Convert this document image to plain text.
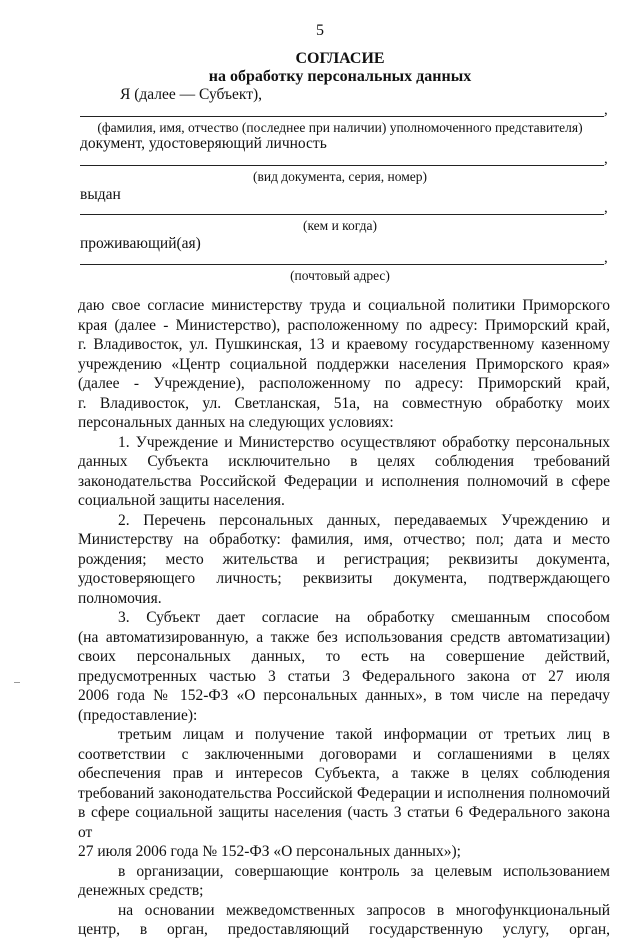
5
СОГЛАСИЕ
на обработку персональных данных
Я (далее — Субъект),
,
(фамилия, имя, отчество (последнее при наличии) уполномоченного представителя)
документ, удостоверяющий личность
,
(вид документа, серия, номер)
выдан
,
(кем и когда)
проживающий(ая)
,
(почтовый адрес)

даю свое согласие министерству труда и социальной политики Приморского

края (далее - Министерство), расположенному по адресу: Приморский край,

г. Владивосток, ул. Пушкинская, 13 и краевому государственному казенному

учреждению «Центр социальной поддержки населения Приморского края»

(далее - Учреждение), расположенному по адресу: Приморский край,

г. Владивосток, ул. Светланская, 51а, на совместную обработку моих

персональных данных на следующих условиях:

1. Учреждение и Министерство осуществляют обработку персональных

данных Субъекта исключительно в целях соблюдения требований

законодательства Российской Федерации и исполнения полномочий в сфере

социальной защиты населения.

2. Перечень персональных данных, передаваемых Учреждению и

Министерству на обработку: фамилия, имя, отчество; пол; дата и место

рождения; место жительства и регистрация; реквизиты документа,

удостоверяющего личность; реквизиты документа, подтверждающего

полномочия.

3. Субъект дает согласие на обработку смешанным способом

(на автоматизированную, а также без использования средств автоматизации)

своих персональных данных, то есть на совершение действий,

предусмотренных частью 3 статьи 3 Федерального закона от 27 июля

2006 года № 152-ФЗ «О персональных данных», в том числе на передачу

(предоставление):

третьим лицам и получение такой информации от третьих лиц в

соответствии с заключенными договорами и соглашениями в целях

обеспечения прав и интересов Субъекта, а также в целях соблюдения

требований законодательства Российской Федерации и исполнения полномочий

в сфере социальной защиты населения (часть 3 статьи 6 Федерального закона от

27 июля 2006 года № 152-ФЗ «О персональных данных»);

в организации, совершающие контроль за целевым использованием

денежных средств;

на основании межведомственных запросов в многофункциональный

центр, в орган, предоставляющий государственную услугу, орган,
